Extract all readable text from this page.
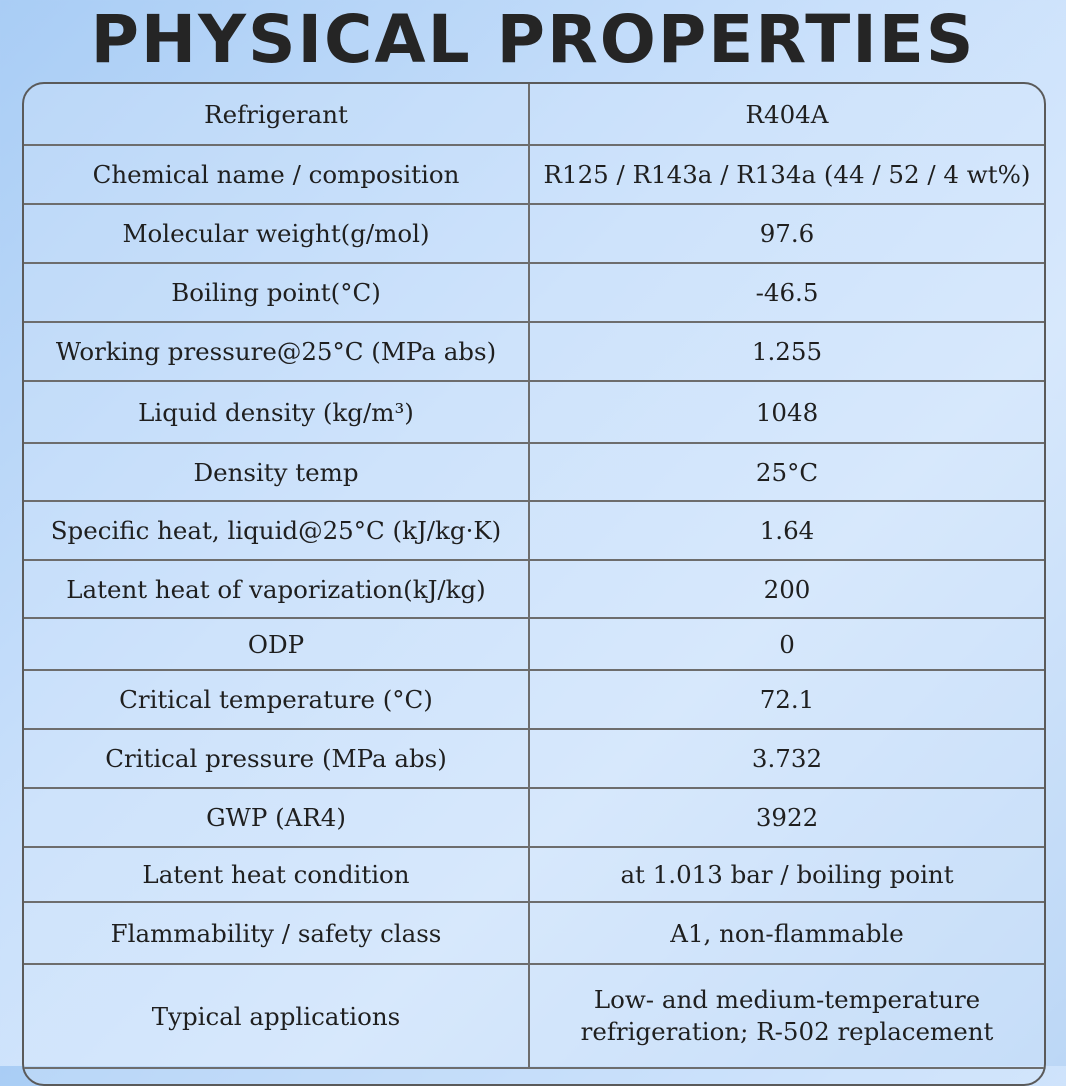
PHYSICAL PROPERTIES
Refrigerant	R404A
Chemical name / composition	R125 / R143a / R134a (44 / 52 / 4 wt%)
Molecular weight(g/mol)	97.6
Boiling point(°C)	-46.5
Working pressure@25°C (MPa abs)	1.255
Liquid density (kg/m³)	1048
Density temp	25°C
Specific heat, liquid@25°C (kJ/kg·K)	1.64
Latent heat of vaporization(kJ/kg)	200
ODP	0
Critical temperature (°C)	72.1
Critical pressure (MPa abs)	3.732
GWP (AR4)	3922
Latent heat condition	at 1.013 bar / boiling point
Flammability / safety class	A1, non-flammable
Typical applications	Low- and medium-temperature refrigeration; R-502 replacement
